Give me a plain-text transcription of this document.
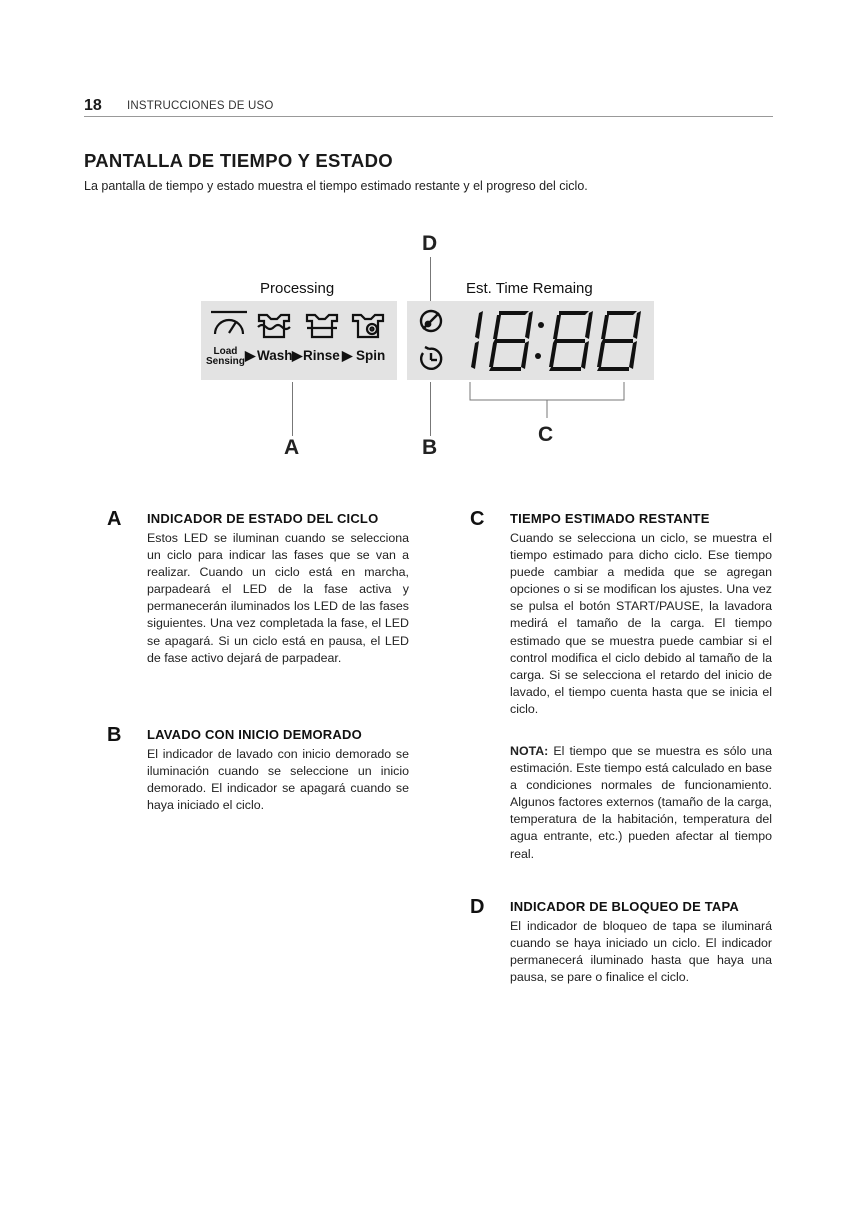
18 INSTRUCCIONES DE USO
PANTALLA DE TIEMPO Y ESTADO
La pantalla de tiempo y estado muestra el tiempo estimado restante y el progreso del ciclo.
D
Processing	Est. Time Remaing
Load
Sensing ▶ Wash ▶ Rinse ▶ Spin
A	B
C
A INDICADOR DE ESTADO DEL CICLO
Estos LED se iluminan cuando se selecciona un ciclo para indicar las fases que se van a realizar. Cuando un ciclo está en marcha, parpadeará el LED de la fase activa y permanecerán iluminados los LED de las fases siguientes. Una vez completada la fase, el LED se apagará. Si un ciclo está en pausa, el LED de fase activo dejará de parpadear.
B LAVADO CON INICIO DEMORADO
El indicador de lavado con inicio demorado se iluminación cuando se seleccione un inicio demorado. El indicador se apagará cuando se haya iniciado el ciclo.
C TIEMPO ESTIMADO RESTANTE
Cuando se selecciona un ciclo, se muestra el tiempo estimado para dicho ciclo. Ese tiempo puede cambiar a medida que se agregan opciones o si se modifican los ajustes. Una vez se pulsa el botón START/PAUSE, la lavadora medirá el tamaño de la carga. El tiempo estimado que se muestra puede cambiar si el control modifica el ciclo debido al tamaño de la carga. Si se selecciona el retardo del inicio de lavado, el tiempo cuenta hasta que se inicia el ciclo.
NOTA: El tiempo que se muestra es sólo una estimación. Este tiempo está calculado en base a condiciones normales de funcionamiento. Algunos factores externos (tamaño de la carga, temperatura de la habitación, temperatura del agua entrante, etc.) pueden afectar al tiempo real.
D INDICADOR DE BLOQUEO DE TAPA
El indicador de bloqueo de tapa se iluminará cuando se haya iniciado un ciclo. El indicador permanecerá iluminado hasta que haya una pausa, se pare o finalice el ciclo.
